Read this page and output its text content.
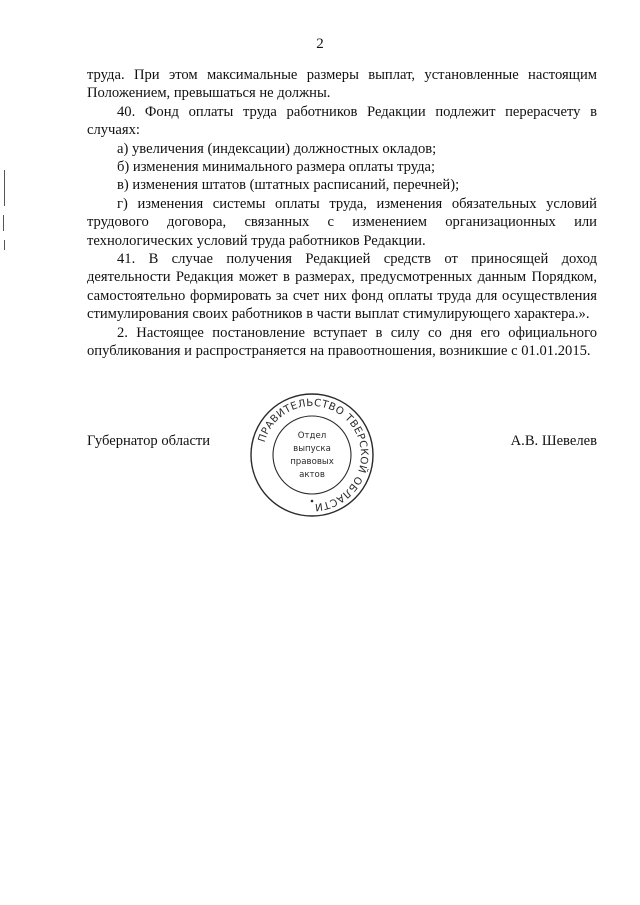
2

труда. При этом максимальные размеры выплат, установленные настоящим Положением, превышаться не должны.

40. Фонд оплаты труда работников Редакции подлежит перерасчету в случаях:

а) увеличения (индексации) должностных окладов;

б) изменения минимального размера оплаты труда;

в) изменения штатов (штатных расписаний, перечней);

г) изменения системы оплаты труда, изменения обязательных условий трудового договора, связанных с изменением организационных или технологических условий труда работников Редакции.

41. В случае получения Редакцией средств от приносящей доход деятельности Редакция может в размерах, предусмотренных данным Порядком, самостоятельно формировать за счет них фонд оплаты труда для осуществления стимулирования своих работников в части выплат стимулирующего характера.».

2. Настоящее постановление вступает в силу со дня его официального опубликования и распространяется на правоотношения, возникшие с 01.01.2015.

Губернатор области	А.В. Шевелев
ПРАВИТЕЛЬСТВО ТВЕРСКОЙ ОБЛАСТИ
Отдел
выпуска
правовых
актов
